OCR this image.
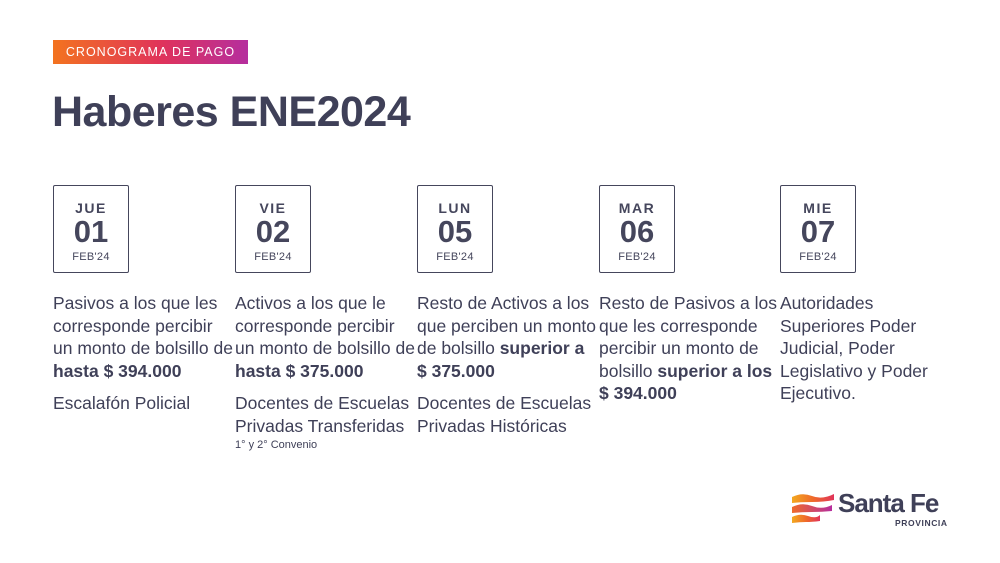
CRONOGRAMA DE PAGO
Haberes ENE2024
JUE
01
FEB'24
Pasivos a los que les corresponde percibir un monto de bolsillo de hasta $ 394.000
Escalafón Policial
VIE
02
FEB'24
Activos a los que le corresponde percibir un monto de bolsillo de hasta $ 375.000
Docentes de Escuelas Privadas Transferidas
1° y 2° Convenio
LUN
05
FEB'24
Resto de Activos a los que perciben un monto de bolsillo superior a $ 375.000
Docentes de Escuelas Privadas Históricas
MAR
06
FEB'24
Resto de Pasivos a los que les corresponde percibir un monto de bolsillo superior a los $ 394.000
MIE
07
FEB'24
Autoridades Superiores Poder Judicial, Poder Legislativo y Poder Ejecutivo.
Santa Fe
PROVINCIA
